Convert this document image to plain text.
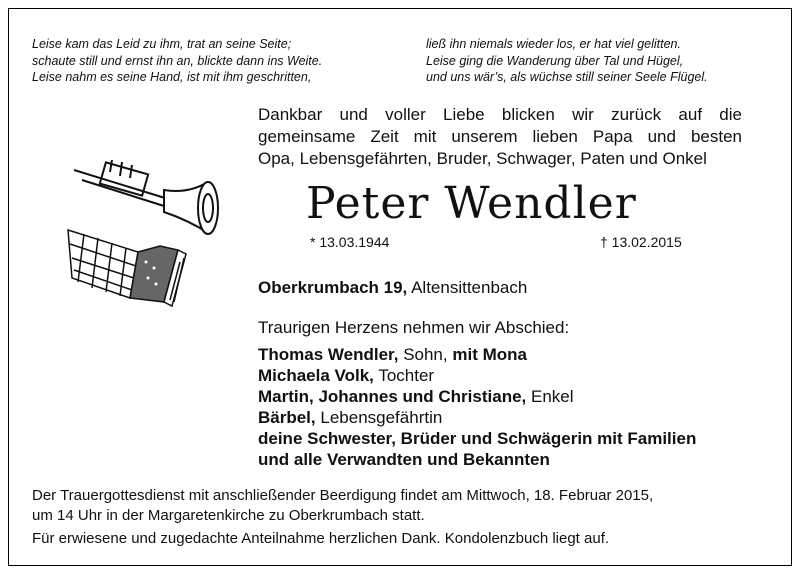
Leise kam das Leid zu ihm, trat an seine Seite;
schaute still und ernst ihn an, blickte dann ins Weite.
Leise nahm es seine Hand, ist mit ihm geschritten,
ließ ihn niemals wieder los, er hat viel gelitten.
Leise ging die Wanderung über Tal und Hügel,
und uns wär’s, als wüchse still seiner Seele Flügel.
Dankbar und voller Liebe blicken wir zurück auf die
gemeinsame Zeit mit unserem lieben Papa und besten
Opa, Lebensgefährten, Bruder, Schwager, Paten und Onkel
Peter Wendler
* 13.03.1944	† 13.02.2015
Oberkrumbach 19, Altensittenbach
Traurigen Herzens nehmen wir Abschied:
Thomas Wendler, Sohn, mit Mona
Michaela Volk, Tochter
Martin, Johannes und Christiane, Enkel
Bärbel, Lebensgefährtin
deine Schwester, Brüder und Schwägerin mit Familien
und alle Verwandten und Bekannten
Der Trauergottesdienst mit anschließender Beerdigung findet am Mittwoch, 18. Februar 2015,
um 14 Uhr in der Margaretenkirche zu Oberkrumbach statt.
Für erwiesene und zugedachte Anteilnahme herzlichen Dank. Kondolenzbuch liegt auf.
